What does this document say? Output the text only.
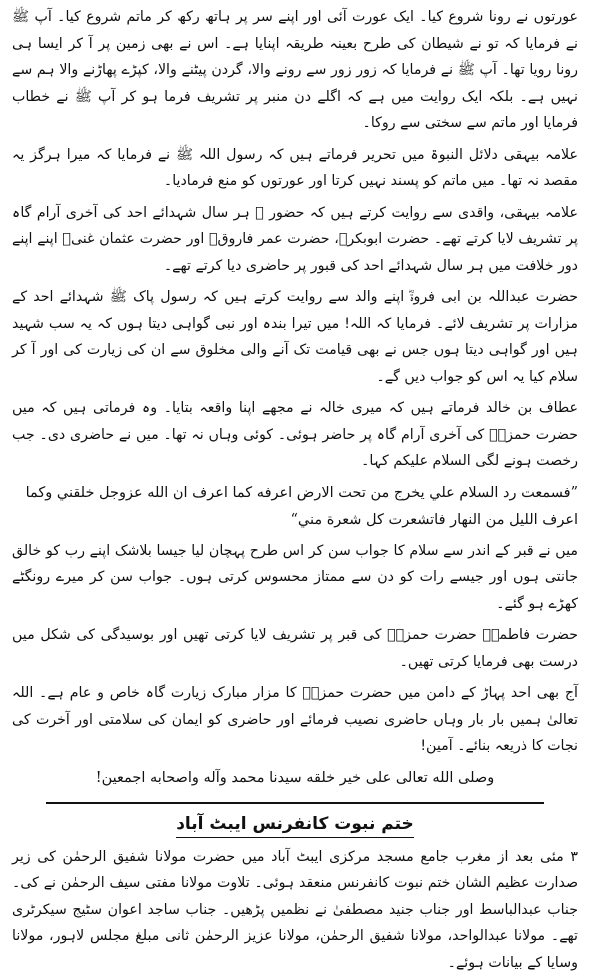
عورتوں نے رونا شروع کیا۔ ایک عورت آئی اور اپنے سر پر ہاتھ رکھ کر ماتم شروع کیا۔ آپ ﷺ نے فرمایا کہ تو نے شیطان کی طرح بعینہ طریقہ اپنایا ہے۔ اس نے بھی زمین پر آ کر ایسا ہی رونا رویا تھا۔ آپ ﷺ نے فرمایا کہ زور زور سے رونے والا، گردن پیٹنے والا، کپڑے پھاڑنے والا ہم سے نہیں ہے۔ بلکہ ایک روایت میں ہے کہ اگلے دن منبر پر تشریف فرما ہو کر آپ ﷺ نے خطاب فرمایا اور ماتم سے سختی سے روکا۔

علامہ بیہقی دلائل النبوۃ میں تحریر فرماتے ہیں کہ رسول اللہ ﷺ نے فرمایا کہ میرا ہرگز یہ مقصد نہ تھا۔ میں ماتم کو پسند نہیں کرتا اور عورتوں کو منع فرمادیا۔

علامہ بیہقی، واقدی سے روایت کرتے ہیں کہ حضور ﷺ ہر سال شہدائے احد کی آخری آرام گاہ پر تشریف لایا کرتے تھے۔ حضرت ابوبکرؓ، حضرت عمر فاروقؓ اور حضرت عثمان غنیؓ اپنے اپنے دور خلافت میں ہر سال شہدائے احد کی قبور پر حاضری دیا کرتے تھے۔

حضرت عبداللہ بن ابی فروۃؓ اپنے والد سے روایت کرتے ہیں کہ رسول پاک ﷺ شہدائے احد کے مزارات پر تشریف لائے۔ فرمایا کہ اللہ! میں تیرا بندہ اور نبی گواہی دیتا ہوں کہ یہ سب شہید ہیں اور گواہی دیتا ہوں جس نے بھی قیامت تک آنے والی مخلوق سے ان کی زیارت کی اور آ کر سلام کیا یہ اس کو جواب دیں گے۔

عطاف بن خالد فرماتے ہیں کہ میری خالہ نے مجھے اپنا واقعہ بتایا۔ وہ فرماتی ہیں کہ میں حضرت حمزہؓ کی آخری آرام گاہ پر حاضر ہوئی۔ کوئی وہاں نہ تھا۔ میں نے حاضری دی۔ جب رخصت ہونے لگی السلام علیکم کہا۔

”فسمعت رد السلام علي يخرج من تحت الارض اعرفه كما اعرف ان الله عزوجل خلقني وكما اعرف الليل من النهار فاتشعرت كل شعرة مني“

میں نے قبر کے اندر سے سلام کا جواب سن کر اس طرح پہچان لیا جیسا بلاشک اپنے رب کو خالق جانتی ہوں اور جیسے رات کو دن سے ممتاز محسوس کرتی ہوں۔ جواب سن کر میرے رونگٹے کھڑے ہو گئے۔

حضرت فاطمہؓ حضرت حمزہؓ کی قبر پر تشریف لایا کرتی تھیں اور بوسیدگی کی شکل میں درست بھی فرمایا کرتی تھیں۔

آج بھی احد پہاڑ کے دامن میں حضرت حمزہؓ کا مزار مبارک زیارت گاہ خاص و عام ہے۔ اللہ تعالیٰ ہمیں بار بار وہاں حاضری نصیب فرمائے اور حاضری کو ایمان کی سلامتی اور آخرت کی نجات کا ذریعہ بنائے۔ آمین!

وصلى الله تعالى على خير خلقه سيدنا محمد وآله واصحابه اجمعين!

ختم نبوت کانفرنس ایبٹ آباد

۳ مئی بعد از مغرب جامع مسجد مرکزی ایبٹ آباد میں حضرت مولانا شفیق الرحمٰن کی زیر صدارت عظیم الشان ختم نبوت کانفرنس منعقد ہوئی۔ تلاوت مولانا مفتی سیف الرحمٰن نے کی۔ جناب عبدالباسط اور جناب جنید مصطفیٰ نے نظمیں پڑھیں۔ جناب ساجد اعوان سٹیج سیکرٹری تھے۔ مولانا عبدالواحد، مولانا شفیق الرحمٰن، مولانا عزیز الرحمٰن ثانی مبلغ مجلس لاہور، مولانا وسایا کے بیانات ہوئے۔
